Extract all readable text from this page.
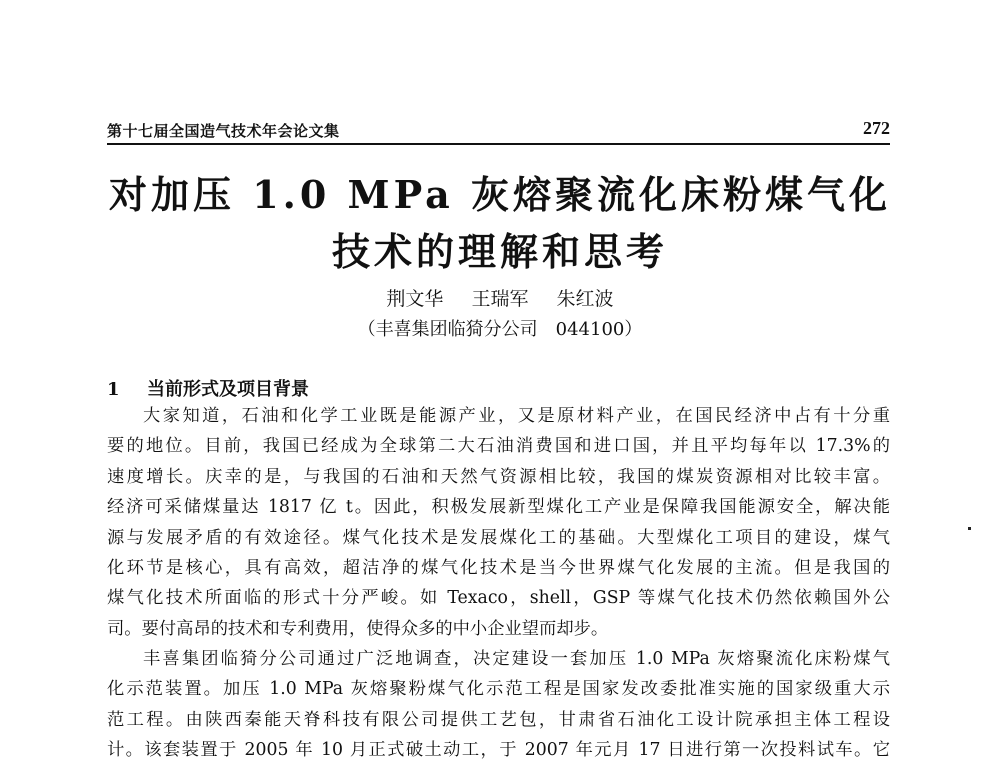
第十七届全国造气技术年会论文集	272
对加压 1.0 MPa 灰熔聚流化床粉煤气化
技术的理解和思考
荆文华 王瑞军 朱红波
（丰喜集团临猗分公司　044100）
1 当前形式及项目背景
大家知道，石油和化学工业既是能源产业，又是原材料产业，在国民经济中占有十分重
要的地位。目前，我国已经成为全球第二大石油消费国和进口国，并且平均每年以 17.3%的
速度增长。庆幸的是，与我国的石油和天然气资源相比较，我国的煤炭资源相对比较丰富。
经济可采储煤量达 1817 亿 t。因此，积极发展新型煤化工产业是保障我国能源安全，解决能
源与发展矛盾的有效途径。煤气化技术是发展煤化工的基础。大型煤化工项目的建设，煤气
化环节是核心，具有高效，超洁净的煤气化技术是当今世界煤气化发展的主流。但是我国的
煤气化技术所面临的形式十分严峻。如 Texaco，shell，GSP 等煤气化技术仍然依赖国外公
司。要付高昂的技术和专利费用，使得众多的中小企业望而却步。
丰喜集团临猗分公司通过广泛地调查，决定建设一套加压 1.0 MPa 灰熔聚流化床粉煤气
化示范装置。加压 1.0 MPa 灰熔聚粉煤气化示范工程是国家发改委批准实施的国家级重大示
范工程。由陕西秦能天脊科技有限公司提供工艺包，甘肃省石油化工设计院承担主体工程设
计。该套装置于 2005 年 10 月正式破土动工，于 2007 年元月 17 日进行第一次投料试车。它
